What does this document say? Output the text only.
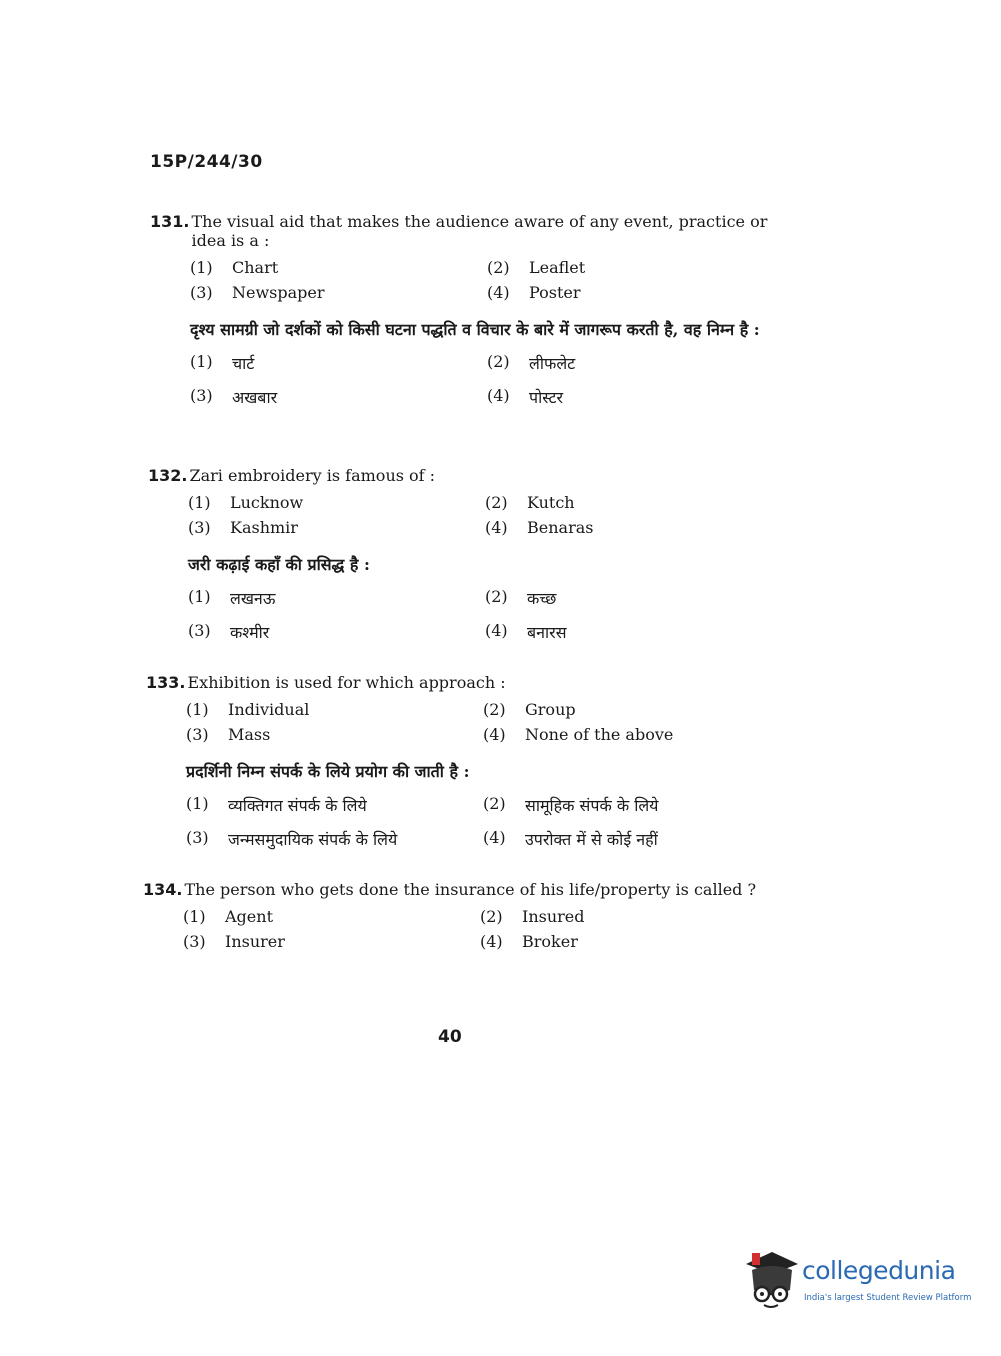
15P/244/30
131. The visual aid that makes the audience aware of any event, practice or idea is a :
(1)	Chart	(2)	Leaflet
(3)	Newspaper	(4)	Poster
दृश्य सामग्री जो दर्शकों को किसी घटना पद्धति व विचार के बारे में जागरूप करती है, वह निम्न है :
(1)	चार्ट	(2)	लीफलेट
(3)	अखबार	(4)	पोस्टर
132. Zari embroidery is famous of :
(1)	Lucknow	(2)	Kutch
(3)	Kashmir	(4)	Benaras
जरी कढ़ाई कहाँ की प्रसिद्ध है :
(1)	लखनऊ	(2)	कच्छ
(3)	कश्मीर	(4)	बनारस
133. Exhibition is used for which approach :
(1)	Individual	(2)	Group
(3)	Mass	(4)	None of the above
प्रदर्शिनी निम्न संपर्क के लिये प्रयोग की जाती है :
(1)	व्यक्तिगत संपर्क के लिये	(2)	सामूहिक संपर्क के लिये
(3)	जन्मसमुदायिक संपर्क के लिये	(4)	उपरोक्त में से कोई नहीं
134. The person who gets done the insurance of his life/property is called ?
(1)	Agent	(2)	Insured
(3)	Insurer	(4)	Broker
40
collegedunia
India's largest Student Review Platform
